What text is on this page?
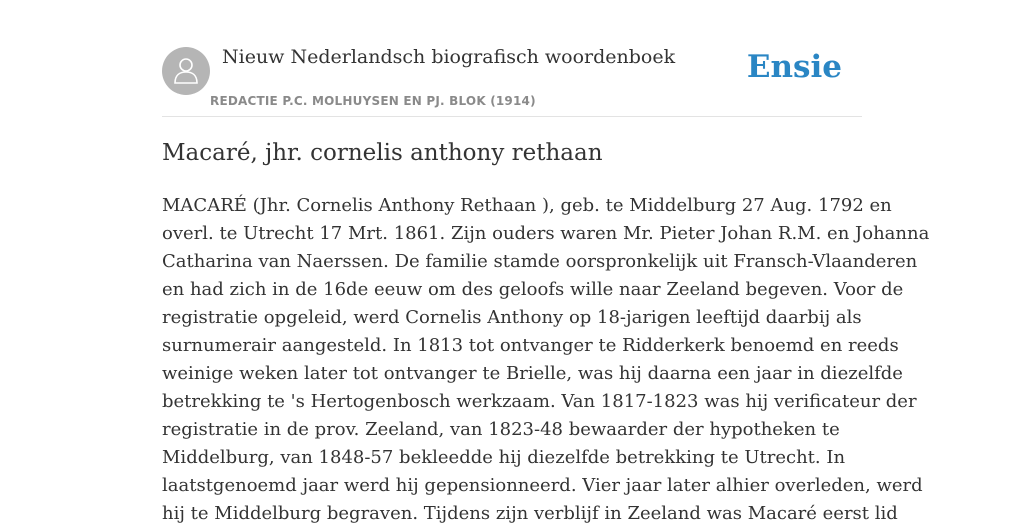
Nieuw Nederlandsch biografisch woordenboek
REDACTIE P.C. MOLHUYSEN EN PJ. BLOK (1914)
Ensie
Macaré, jhr. cornelis anthony rethaan
MACARÉ (Jhr. Cornelis Anthony Rethaan ), geb. te Middelburg 27 Aug. 1792 en
overl. te Utrecht 17 Mrt. 1861. Zijn ouders waren Mr. Pieter Johan R.M. en Johanna
Catharina van Naerssen. De familie stamde oorspronkelijk uit Fransch-Vlaanderen
en had zich in de 16de eeuw om des geloofs wille naar Zeeland begeven. Voor de
registratie opgeleid, werd Cornelis Anthony op 18-jarigen leeftijd daarbij als
surnumerair aangesteld. In 1813 tot ontvanger te Ridderkerk benoemd en reeds
weinige weken later tot ontvanger te Brielle, was hij daarna een jaar in diezelfde
betrekking te 's Hertogenbosch werkzaam. Van 1817-1823 was hij verificateur der
registratie in de prov. Zeeland, van 1823-48 bewaarder der hypotheken te
Middelburg, van 1848-57 bekleedde hij diezelfde betrekking te Utrecht. In
laatstgenoemd jaar werd hij gepensionneerd. Vier jaar later alhier overleden, werd
hij te Middelburg begraven. Tijdens zijn verblijf in Zeeland was Macaré eerst lid
